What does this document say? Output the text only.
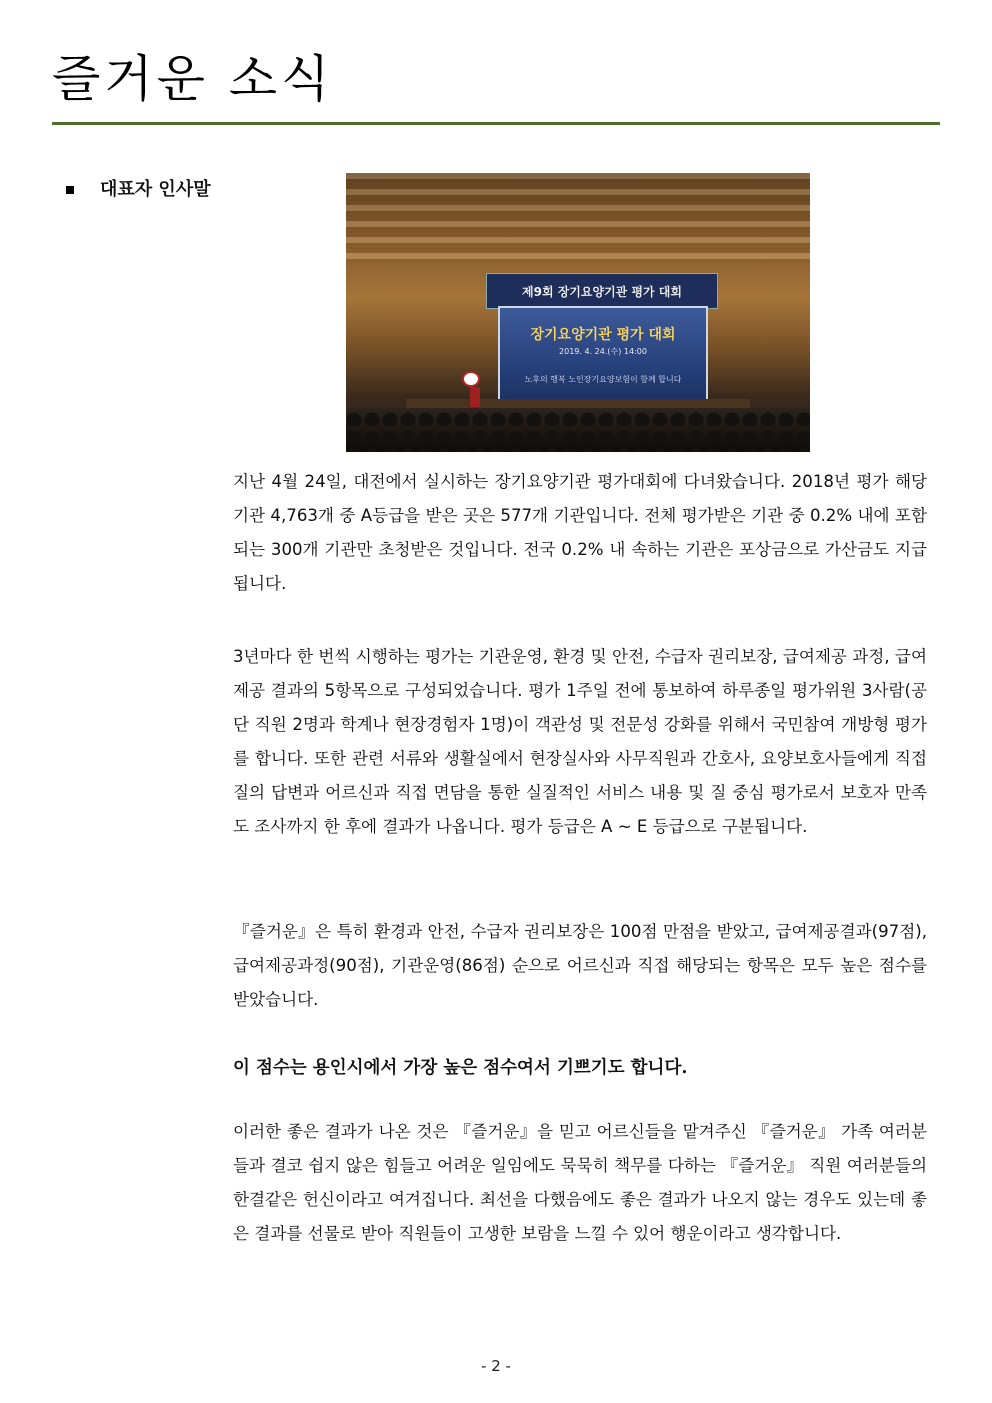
즐거운 소식
대표자 인사말
제9회 장기요양기관 평가 대회
장기요양기관 평가 대회
2019. 4. 24.(수) 14:00
노후의 행복 노인장기요양보험이 함께 합니다

지난 4월 24일, 대전에서 실시하는 장기요양기관 평가대회에 다녀왔습니다. 2018년 평가 해당 기관 4,763개 중 A등급을 받은 곳은 577개 기관입니다. 전체 평가받은 기관 중 0.2% 내에 포함되는 300개 기관만 초청받은 것입니다. 전국 0.2% 내 속하는 기관은 포상금으로 가산금도 지급됩니다.

3년마다 한 번씩 시행하는 평가는 기관운영, 환경 및 안전, 수급자 권리보장, 급여제공 과정, 급여제공 결과의 5항목으로 구성되었습니다. 평가 1주일 전에 통보하여 하루종일 평가위원 3사람(공단 직원 2명과 학계나 현장경험자 1명)이 객관성 및 전문성 강화를 위해서 국민참여 개방형 평가를 합니다. 또한 관련 서류와 생활실에서 현장실사와 사무직원과 간호사, 요양보호사들에게 직접 질의 답변과 어르신과 직접 면담을 통한 실질적인 서비스 내용 및 질 중심 평가로서 보호자 만족도 조사까지 한 후에 결과가 나옵니다. 평가 등급은 A ~ E 등급으로 구분됩니다.

『즐거운』은 특히 환경과 안전, 수급자 권리보장은 100점 만점을 받았고, 급여제공결과(97점), 급여제공과정(90점), 기관운영(86점) 순으로 어르신과 직접 해당되는 항목은 모두 높은 점수를 받았습니다.

이 점수는 용인시에서 가장 높은 점수여서 기쁘기도 합니다.

이러한 좋은 결과가 나온 것은 『즐거운』을 믿고 어르신들을 맡겨주신 『즐거운』 가족 여러분들과 결코 쉽지 않은 힘들고 어려운 일임에도 묵묵히 책무를 다하는 『즐거운』 직원 여러분들의 한결같은 헌신이라고 여겨집니다. 최선을 다했음에도 좋은 결과가 나오지 않는 경우도 있는데 좋은 결과를 선물로 받아 직원들이 고생한 보람을 느낄 수 있어 행운이라고 생각합니다.

- 2 -
